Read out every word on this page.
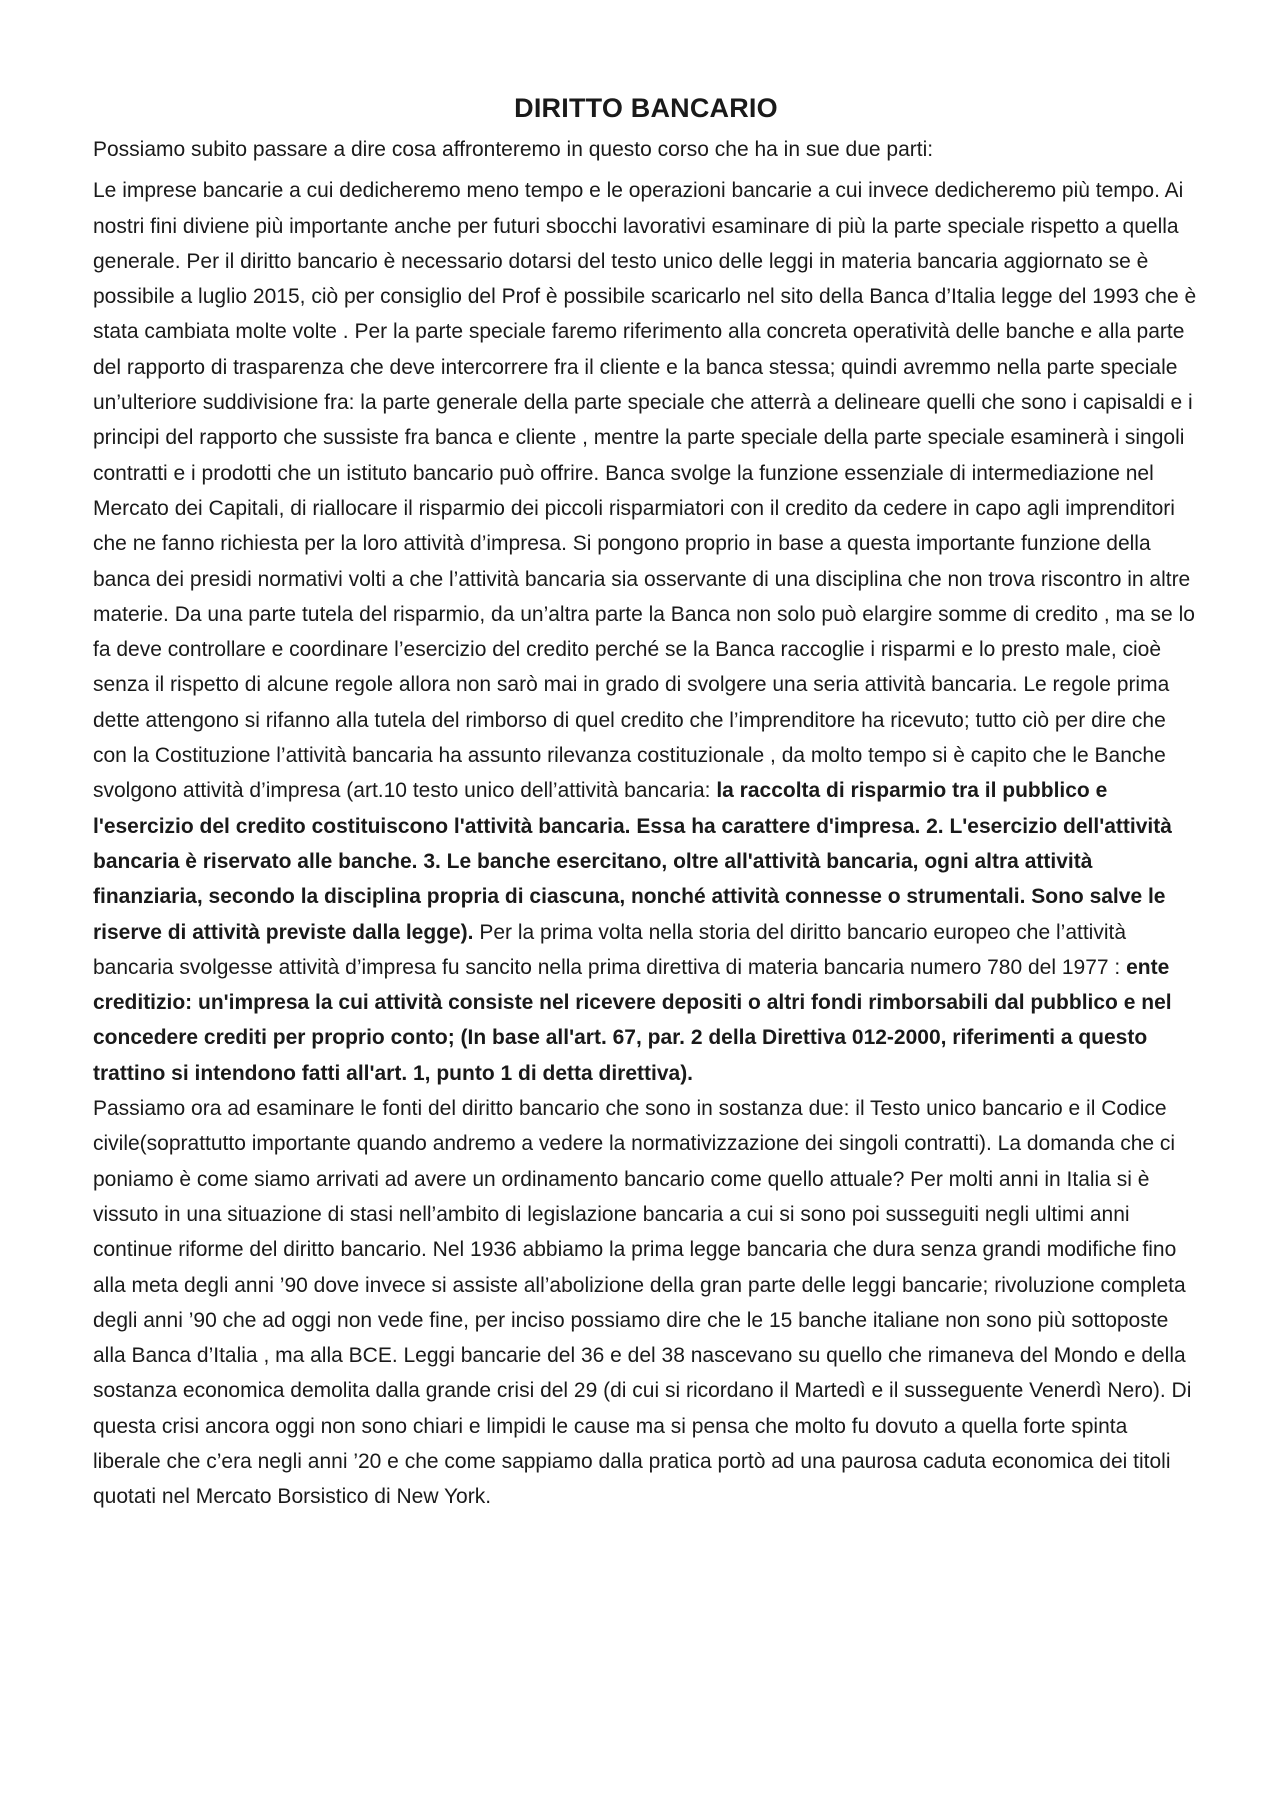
DIRITTO BANCARIO

Possiamo subito passare a dire cosa affronteremo in questo corso che ha in sue due parti:

Le imprese bancarie a cui dedicheremo meno tempo e le operazioni bancarie a cui invece dedicheremo più tempo. Ai nostri fini diviene più importante anche per futuri sbocchi lavorativi esaminare di più la parte speciale rispetto a quella generale. Per il diritto bancario è necessario dotarsi del testo unico delle leggi in materia bancaria aggiornato se è possibile a luglio 2015, ciò per consiglio del Prof è possibile scaricarlo nel sito della Banca d’Italia legge del 1993 che è stata cambiata molte volte . Per la parte speciale faremo riferimento alla concreta operatività delle banche e alla parte del rapporto di trasparenza che deve intercorrere fra il cliente e la banca stessa; quindi avremmo nella parte speciale un’ulteriore suddivisione fra: la parte generale della parte speciale che atterrà a delineare quelli che sono i capisaldi e i principi del rapporto che sussiste fra banca e cliente , mentre la parte speciale della parte speciale esaminerà i singoli contratti e i prodotti che un istituto bancario può offrire. Banca svolge la funzione essenziale di intermediazione nel Mercato dei Capitali, di riallocare il risparmio dei piccoli risparmiatori con il credito da cedere in capo agli imprenditori che ne fanno richiesta per la loro attività d’impresa. Si pongono proprio in base a questa importante funzione della banca dei presidi normativi volti a che l’attività bancaria sia osservante di una disciplina che non trova riscontro in altre materie. Da una parte tutela del risparmio, da un’altra parte la Banca non solo può elargire somme di credito , ma se lo fa deve controllare e coordinare l’esercizio del credito perché se la Banca raccoglie i risparmi e lo presto male, cioè senza il rispetto di alcune regole allora non sarò mai in grado di svolgere una seria attività bancaria. Le regole prima dette attengono si rifanno alla tutela del rimborso di quel credito che l’imprenditore ha ricevuto; tutto ciò per dire che con la Costituzione l’attività bancaria ha assunto rilevanza costituzionale , da molto tempo si è capito che le Banche svolgono attività d’impresa (art.10 testo unico dell’attività bancaria: la raccolta di risparmio tra il pubblico e l'esercizio del credito costituiscono l'attività bancaria. Essa ha carattere d'impresa. 2. L'esercizio dell'attività bancaria è riservato alle banche. 3. Le banche esercitano, oltre all'attività bancaria, ogni altra attività finanziaria, secondo la disciplina propria di ciascuna, nonché attività connesse o strumentali. Sono salve le riserve di attività previste dalla legge). Per la prima volta nella storia del diritto bancario europeo che l’attività bancaria svolgesse attività d’impresa fu sancito nella prima direttiva di materia bancaria numero 780 del 1977 : ente creditizio: un'impresa la cui attività consiste nel ricevere depositi o altri fondi rimborsabili dal pubblico e nel concedere crediti per proprio conto; (In base all'art. 67, par. 2 della Direttiva 012-2000, riferimenti a questo trattino si intendono fatti all'art. 1, punto 1 di detta direttiva).

Passiamo ora ad esaminare le fonti del diritto bancario che sono in sostanza due: il Testo unico bancario e il Codice civile(soprattutto importante quando andremo a vedere la normativizzazione dei singoli contratti). La domanda che ci poniamo è come siamo arrivati ad avere un ordinamento bancario come quello attuale? Per molti anni in Italia si è vissuto in una situazione di stasi nell’ambito di legislazione bancaria a cui si sono poi susseguiti negli ultimi anni continue riforme del diritto bancario. Nel 1936 abbiamo la prima legge bancaria che dura senza grandi modifiche fino alla meta degli anni ’90 dove invece si assiste all’abolizione della gran parte delle leggi bancarie; rivoluzione completa degli anni ’90 che ad oggi non vede fine, per inciso possiamo dire che le 15 banche italiane non sono più sottoposte alla Banca d’Italia , ma alla BCE. Leggi bancarie del 36 e del 38 nascevano su quello che rimaneva del Mondo e della sostanza economica demolita dalla grande crisi del 29 (di cui si ricordano il Martedì e il susseguente Venerdì Nero). Di questa crisi ancora oggi non sono chiari e limpidi le cause ma si pensa che molto fu dovuto a quella forte spinta liberale che c’era negli anni ’20 e che come sappiamo dalla pratica portò ad una paurosa caduta economica dei titoli quotati nel Mercato Borsistico di New York.
